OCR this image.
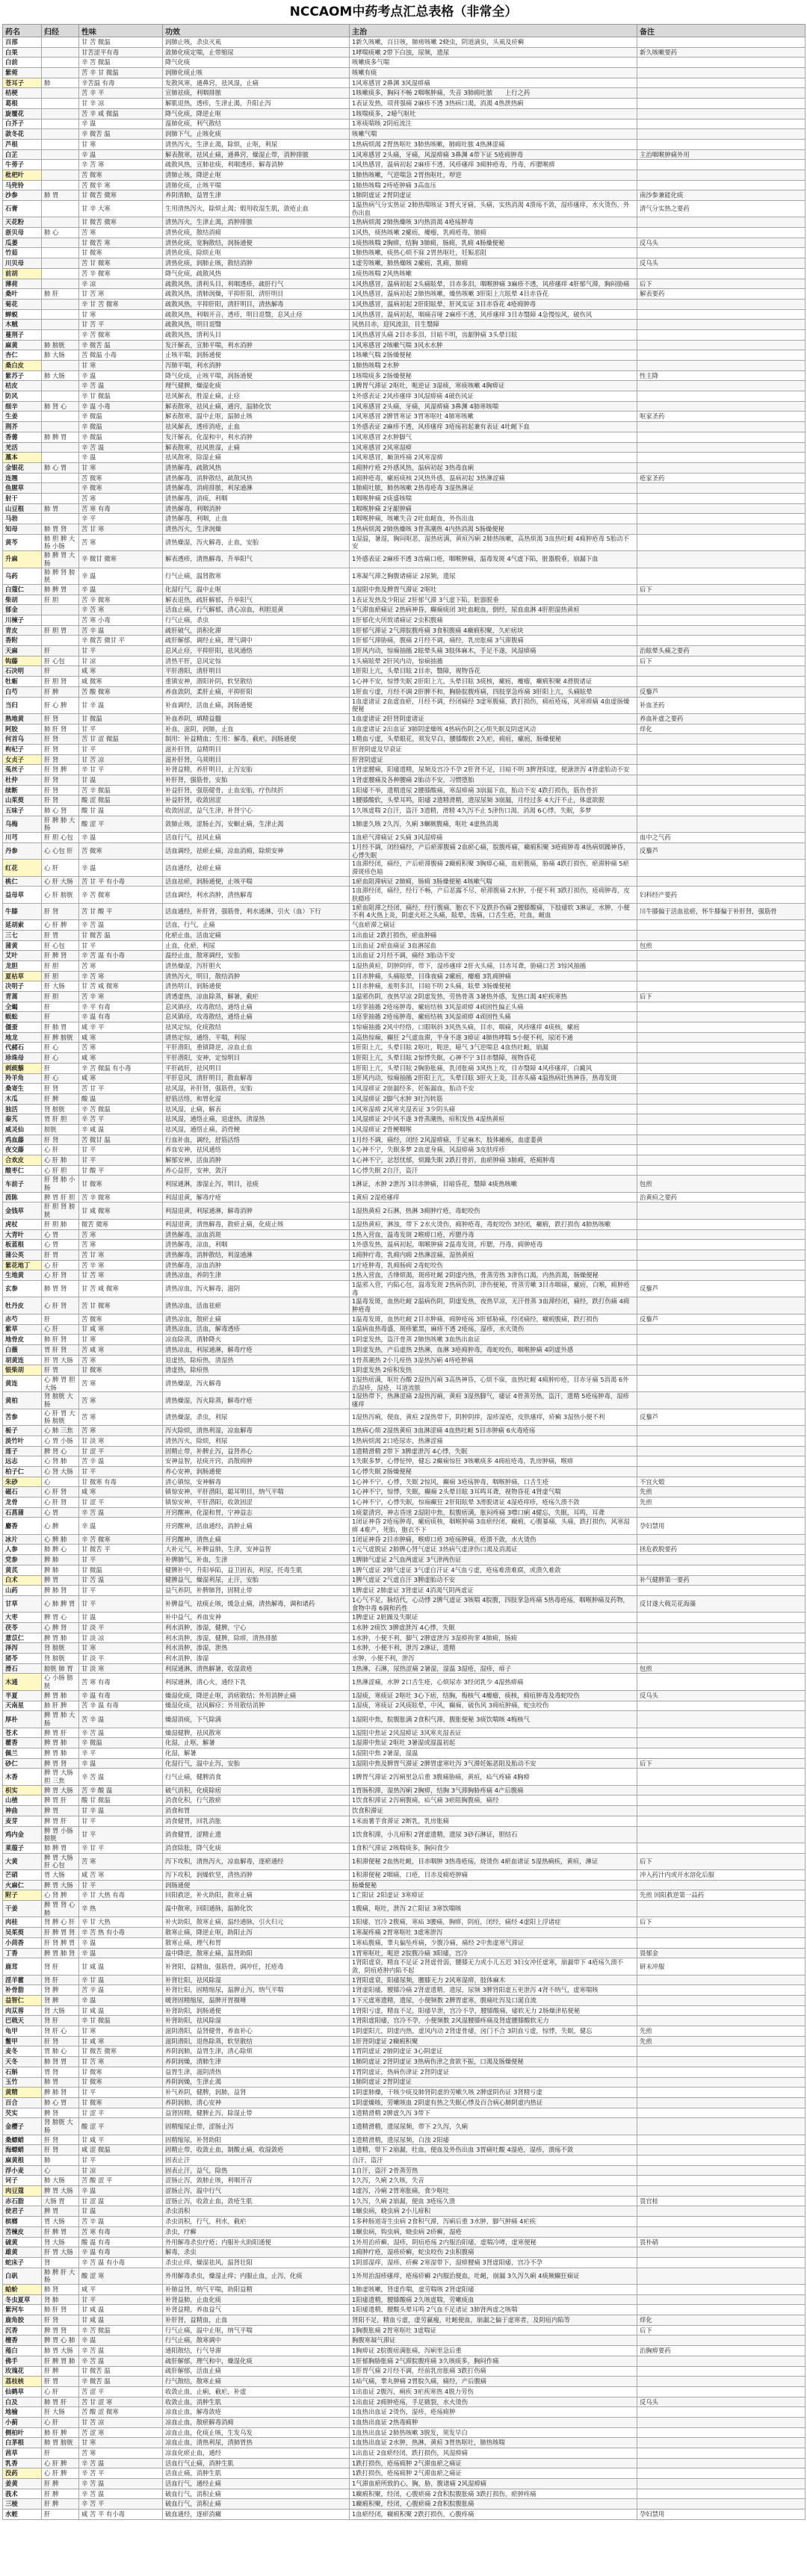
NCCAOM中药考点汇总表格（非常全）
药名	归经	性味	功效	主治	备注
百部		甘 苦 微温	润肺止咳，杀虫灭虱	1新久咳嗽，百日咳，肺痨咳嗽 2蛲虫，阴道滴虫，头虱及疥癣	
白果		甘苦涩平有毒	敛肺化痰定喘，止带缩尿	1哮喘痰嗽 2带下白浊，尿频，遗尿	新久咳嗽要药
白前		辛 苦 微温	降气化痰	咳嗽痰多气喘	
紫菀		苦 辛 甘 微温	润肺化痰止咳	咳嗽有痰	
苍耳子	肺	辛苦温 有毒	发散风寒，通鼻窍，祛风湿，止痛	1风寒感冒 2鼻渊 3风湿痹痛	
桔梗		苦 辛 平	宣肺祛痰，利咽排脓	1咳嗽痰多，胸闷不畅 2咽喉肿痛，失音 3肺痈吐脓　　上行之药	
葛根		甘 辛 凉	解肌退热，透疹，生津止渴，升阳止泻	1表证发热，项背强痛 2麻疹不透 3热病口渴，消渴 4热泄热痢	
旋覆花		苦 辛 咸 微温	降气化痰，降逆止呕	1咳喘痰多，2噫气呕吐	
白芥子		辛 温	温肺化痰，利气散结	1寒痰喘咳 2阴疽流注	
款冬花		辛 微苦 温	润肺下气，止咳化痰	咳嗽气喘	
芦根		甘 寒	清热泻火，生津止渴，除烦，止呕，利尿	1热病烦渴 2胃热呕吐 3肺热咳嗽，肺痈吐脓 4热淋涩痛	
白芷		辛 温	解表散寒，祛风止痛，通鼻窍，燥湿止带，消肿排脓	1风寒感冒 2头痛，牙痛，风湿痹痛 3鼻渊 4带下证 5疮痈肿毒	主治咽喉肿痛外用
牛蒡子		辛 苦 寒	疏散风热，宣肺祛痰，利咽透疹，解毒消肿	1风热感冒，温病初起 2麻疹不透，风疹瘙痒 3痈肿疮毒，丹毒，痄腮喉痹	
枇杷叶		苦 微寒	清肺止咳，降逆止呕	1肺热咳嗽，气逆喘急 2胃热呕吐，哕逆	
马兜铃		苦 微辛 寒	清肺化痰，止咳平喘	1肺热咳喘 2痔疮肿痛 3高血压	
沙参	肺 胃	甘 微苦 微寒	养阴清肺，益胃生津	1肺阴虚证 2胃阴虚证	南沙参兼能化痰
石膏		甘 辛 大寒	生用清热泻火，除烦止渴；煅用收湿生肌，敛疮止血	1温热病气分实热证 2肺热喘咳证 3胃火牙痛，头痛，实热消渴 4溃疡不敛，湿疹瘙痒，水火烫伤，外伤出血	清气分实热之要药
天花粉		甘 微苦 微寒	清热泻火，生津止渴，消肿排脓	1热病烦渴 2肺热燥咳 3内热消渴 4疮疡肿毒	
浙贝母	肺 心	苦 寒	清热化痰，散结消痈	1风热，痰热咳嗽 2瘰疬，瘿瘤，乳痈疮毒，肺痈	
瓜蒌		甘 微苦 寒	清热化痰，宽胸散结，润肠通便	1痰热咳喘 2胸痹，结胸 3肺痈，肠痈，乳痈 4肠燥便秘	反乌头
竹茹		甘 微寒	清热化痰，除烦止呕	1肺热咳嗽，痰热心烦不寐 2胃热呕吐，妊娠恶阻	
川贝母		苦 甘 微寒	清热化痰，润肺止咳，散结消肿	1虚劳咳嗽，肺热燥咳 2瘰疬，乳痈，肺痈	反乌头
前胡		苦 辛 微寒	降气化痰，疏散风热	1痰热咳喘 2风热咳嗽	
薄荷		辛 凉	疏散风热，清利头目，利咽透疹，疏肝行气	1风热感冒，温病初起 2头痛眩晕，目赤多泪，咽喉肿痛 3麻疹不透，风疹瘙痒 4肝郁气滞，胸闷胁痛	后下
桑叶	肺 肝	甘 苦 寒	疏散风热，清肺润燥，平抑肝阳，清肝明目	1风热感冒，温病初起 2肺热咳嗽，燥热咳嗽 3肝阳上亢眩晕 4目赤昏花	解表要药
菊花		辛 甘 苦 微寒	疏散风热，平抑肝阳，清肝明目，清热解毒	1风热感冒，温病初起 2肝阳眩晕，肝风实证 3目赤昏花 4疮痈肿毒	
蝉蜕		甘 寒	疏散风热，利咽开音，透疹，明目退翳，息风止痉	1风热感冒，温病初起，咽痛音哑 2麻疹不透，风疹瘙痒 3目赤翳障 4急慢惊风，破伤风	
木贼		甘 苦 平	疏散风热，明目退翳	风热目赤，迎风流泪，目生翳障	
蔓荆子		辛 苦 微寒	疏散风热，清利头目	1风热感冒头痛 2目赤多泪，目暗不明，齿龈肿痛 3头晕目眩	
麻黄	肺 膀胱	辛 微苦 温	发汗解表，宣肺平喘，利水消肿	1风寒感冒 2咳嗽气喘 3风水水肿	
杏仁	肺 大肠	苦 微温 小毒	止咳平喘，润肠通便	1咳嗽气喘 2肠燥便秘	
桑白皮		甘 寒	泻肺平喘，利水消肿	1肺热咳喘 2水肿	
紫苏子	肺 大肠	辛 温	降气化痰，止咳平喘，润肠通便	1咳喘痰多 2肠燥便秘	性主降
桔皮		辛 苦 温	理气健脾，燥湿化痰	1脾胃气滞证 2呕吐，呃逆证 3湿痰，寒痰咳嗽 4胸痹证	
防风		辛 甘 微温	祛风解表，胜湿止痛，止痉	1外感表证 2风疹瘙痒 3风湿痹痛 4破伤风证	
细辛	肺 肾 心	辛 温 小毒	解表散寒，祛风止痛，通窍，温肺化饮	1风寒感冒 2头痛，牙痛，风湿痹痛 3鼻渊 4肺寒咳喘	
生姜		辛 微温	解表散寒，温中止呕，温肺止咳	1风寒感冒 2脾胃寒证 3胃寒呕吐 4肺寒咳嗽	呕家圣药
荆芥		辛 微温	祛风解表，透疹消疮，止血	1外感表证 2麻疹不透，风疹瘙痒 3疮疡初起兼有表证 4吐衄下血	
香薷	肺 脾 胃	辛 微温	发汗解表，化湿和中，利水消肿	1风寒感冒 2水肿脚气	
羌活		辛 苦 温	解表散寒，祛风胜湿，止痛	1风寒感冒 2风寒湿痹	
藁本		辛 温	祛风散寒，除湿止痛	1风寒感冒，巅顶疼痛 2风寒湿痹	
金银花	肺 心 胃	甘 寒	清热解毒，疏散风热	1痈肿疔疮 2外感风热，温病初起 3热毒血痢	
连翘		苦 微寒	清热解毒，消肿散结，疏散风热	1痈肿疮毒，瘰疬痰核 2风热外感，温病初起 3热淋涩痛	疮家圣药
鱼腥草		辛 微寒	清热解毒，消痈排脓，利尿通淋	1肺痈吐脓，肺热咳嗽 2热毒疮毒 3湿热淋证	
射干		苦 寒	清热解毒，消痰，利咽	1咽喉肿痛 2痰盛咳喘	
山豆根	肺 胃	苦 寒 有毒	清热解毒，利咽消肿	1咽喉肿痛 2牙龈肿痛	
马勃		辛 平	清热解毒，利咽，止血	1咽喉肿痛，咳嗽失音 2吐血衄血，外伤出血	
知母	肺 胃 肾	苦 甘 寒	清热泻火，生津润燥	1热病烦渴 2肺热燥咳 3骨蒸潮热 4内热消渴 5肠燥便秘	
黄芩	肺 胆 脾 大肠 小肠	苦 寒	清热燥湿，泻火解毒，止血，安胎	1湿温，暑湿，胸闷呕恶，湿热痞满，黄疸泻痢 2肺热咳嗽，高热烦渴 3血热吐衄 4痈肿疮毒 5胎动不安	
升麻	肺 脾 胃 大肠	辛 微甘 微寒	解表透疹，清热解毒，升举阳气	1外感表证 2麻疹不透 3齿痛口疮，咽喉肿痛，温毒发斑 4气虚下陷，脏器脱垂，崩漏下血	
乌药	肺 脾 肾 膀胱	辛 温	行气止痛，温肾散寒	1寒凝气滞之胸腹诸痛证 2尿频，遗尿	
白蔻仁	肺 脾 胃	辛 温	化湿行气，温中止呕	1湿阻中焦及脾胃气滞证 2呕吐	后下
柴胡	肝 胆	苦 辛 微寒	解表退热，疏肝解郁，升举阳气	1表证发热及少阳证 2肝郁气滞 3气虚下陷，脏器脱垂	
郁金		辛 苦 寒	活血止痛，行气解郁，清心凉血，利胆退黄	1气滞血瘀痛证 2热病神昏，癫痫痰闭 3吐血衄血，倒经，尿血血淋 4肝胆湿热黄疸	
川楝子		苦 寒 小毒	行气止痛，杀虫	1肝郁化火所致诸痛证 2虫积腹痛	
青皮	肝 胆 胃	苦 辛 温	疏肝破气，消积化滞	1肝郁气滞证 2气滞脘腹疼痛 3食积腹痛 4癥瘕积聚，久疟痞块	
香附		辛 微苦 微甘 平	疏肝解郁，调经止痛，理气调中	1肝郁气滞胁痛，腹痛 2月经不调，痛经，乳房胀痛 3气滞腹痛	
天麻	肝	甘 平	息风止痉，平抑肝阳，祛风通络	1肝风内动，惊痫抽搐 2眩晕头痛 3肢体麻木，手足不遂，风湿痹痛	治眩晕头痛之要药
钩藤	肝 心包	甘 凉	清热平肝，息风定惊	1头痛眩晕 2肝风内动，惊痫抽搐	后下
石决明	肝	咸 寒	平肝潜阳，清肝明目	1肝阳上亢，头晕目眩 2目赤，翳障，视物昏花	
牡蛎	肝 胆 肾	咸 微寒	重镇安神，潜阳补阴，软坚散结	1心神不安，惊悸失眠 2肝阳上亢，头晕目眩 3痰核，瘰疬，瘿瘤，癥瘕积聚 4滑脱诸证	
白芍	肝 脾	苦 酸 微寒	养血敛阴，柔肝止痛，平抑肝阳	1肝血亏虚，月经不调 2肝脾不和，胸胁脘腹疼痛，四肢挛急疼痛 3肝阳上亢，头痛眩晕	反藜芦
当归	肝 心 脾	甘 辛 温	补血调经，活血止痛，润肠通便	1血虚诸证 2血虚血瘀，月经不调，经闭痛经 3虚寒腹痛，跌打损伤，痈疽疮疡，风寒痹痛 4血虚肠燥便秘	补血圣药
熟地黄	肝 肾	甘 微温	补血养阴，填精益髓	1血虚诸证 2肝肾阴虚诸证	养血补虚之要药
阿胶	肺 肝 肾	甘 平	补血，滋阴，润肺，止血	1血虚诸证 2出血证 3肺阴虚燥咳 4热病伤阴之心烦失眠及阴虚风动	烊化
何首乌	肝 肾	苦 甘 涩 微温	制用：补益精血；生用：解毒，截疟，润肠通便	1精血亏虚，头晕眼花，须发早白，腰膝酸软 2久疟，痈疽，瘰疬，肠燥便秘	
枸杞子	肝 肾	甘 平	滋补肝肾，益精明目	肝肾阴虚及早衰证	
女贞子	肝 肾	甘 苦 凉	滋补肝肾，乌须明目	肝肾阴虚证	
菟丝子	肝 肾 脾	辛 甘 平	补肾益精，养肝明目，止泻安胎	1肾虚腰痛，阳痿遗精，尿频及宫冷不孕 2肝肾不足，目暗不明 3脾肾阳虚，便溏泄泻 4肾虚胎动不安	
杜仲	肝 肾	甘 温	补肝肾，强筋骨，安胎	1肾虚腰痛及各种腰痛 2胎动不安，习惯堕胎	
续断	肝 肾	苦 辛 微温	补益肝肾，强筋健骨，止血安胎，疗伤续折	1阳痿不举，遗精遗尿 2腰膝酸痛，寒湿痹痛 3崩漏下血，胎动不安 4跌打损伤，筋伤骨折	
山茱萸	肝 肾	酸 涩 微温	补益肝肾，收敛固涩	1腰膝酸软，头晕耳鸣，阳痿 2遗精滑精，遗尿尿频 3崩漏，月经过多 4大汗不止，体虚欲脱	
五味子	肺 心 肾	酸 甘 温	收敛固涩，益气生津，补肾宁心	1久咳虚喘 2自汗，盗汗 3遗精，滑精 4久泻不止 5津伤口渴，消渴 6心悸，失眠，多梦	
乌梅	肝 脾 肺 大肠	酸 涩 平	敛肺止咳，涩肠止泻，安蛔止痛，生津止渴	1肺虚久咳 2久泻，久痢 3蛔厥腹痛，呕吐 4虚热消渴	
川芎	肝 胆 心包	辛 温	活血行气，祛风止痛	1血瘀气滞痛证 2头痛 3风湿痹痛	血中之气药
丹参	心 心包 肝	苦 微寒	活血调经，祛瘀止痛，凉血消痈，除烦安神	1月经不调，闭经痛经，产后瘀滞腹痛 2血瘀心痛，脘腹疼痛，癥瘕积聚 3疮痈肿毒 4热病烦躁神昏，心悸失眠	反藜芦
红花	心 肝	辛 温	活血通经，祛瘀止痛	1血滞经闭，痛经，产后瘀滞腹痛 2癥瘕积聚 3胸痹心痛，血瘀腹痛，胁痛 4跌打损伤，瘀滞肿痛 5瘀滞斑疹色暗	
桃仁	心 肝 大肠	苦 甘 平 有小毒	活血祛瘀，润肠通便，止咳平喘	1瘀血阻滞病证 2肺痈，肠痈 3肠燥便秘 4咳嗽气喘	
益母草	心 肝 膀胱	辛 苦 微寒	活血调经，利水消肿，清热解毒	1血滞经闭，痛经，经行不畅，产后恶露不尽，瘀滞腹痛 2水肿，小便不利 3跌打损伤，疮痈肿毒，皮肤瘾疹	妇科经产要药
牛膝	肝 肾	苦 甘 酸 平	活血通经，补肝肾，强筋骨，利水通淋，引火（血）下行	1瘀血阻滞之经闭，痛经，经行腹痛，胞衣不下及跌扑伤痛 2腰膝酸痛，下肢痿软 3淋证，水肿，小便不利 4火热上炎，阴虚火旺之头痛，眩晕，齿痛，口舌生疮，吐血，衄血	川牛膝偏于活血祛瘀，怀牛膝偏于补肝肾，强筋骨
延胡索	心 肝 脾	辛 苦 温	活血，行气，止痛	气血瘀滞之痛证	
三七	肝 胃	甘 微苦 温	化瘀止血，活血定痛	1出血证 2跌打损伤，瘀血肿痛	
蒲黄	肝 心包	甘 平	止血，化瘀，利尿	1出血证 2瘀血痛证 3血淋尿血	包煎
艾叶	肝 脾 肾	辛 苦 温 有小毒	温经止血，散寒调经，安胎	1出血证 2月经不调，痛经 3胎动不安	
龙胆	肝 胆	苦 寒	清热燥湿，泻肝胆火	1湿热黄疸，阴肿阴痒，带下，湿疹瘙痒 2肝火头痛，目赤耳聋，胁痛口苦 3惊风抽搐	
夏枯草	肝 胆	辛 苦 寒	清热泻火，明目，散结消肿	1目赤肿痛，头痛眩晕，目珠夜痛 2瘰疬，瘿瘤 3乳痈肿痛	
决明子	肝 大肠	甘 苦 咸 微寒	清热明目，润肠通便	1目赤肿痛，羞明多泪，目暗不明 2头痛，眩晕 3肠燥便秘	
青蒿	肝 胆	苦 辛 寒	清透虚热，凉血除蒸，解暑，截疟	1温邪伤阴，夜热早凉 2阴虚发热，劳热骨蒸 3暑热外感，发热口渴 4疟疾寒热	后下
全蝎	肝	辛 平 有毒	息风镇痉，攻毒散结，通络止痛	1痉挛抽搐 2疮疡肿毒，瘰疬结核 3风湿顽痹 4顽固性偏正头痛	
蜈蚣	肝	辛 温 有毒	息风镇痉，攻毒散结，通络止痛	1痉挛抽搐 2疮疡肿毒，瘰疬结核 3风湿顽痹 4顽固性头痛	
僵蚕	肝 肺 胃	咸 辛 平	祛风定惊，化痰散结	1惊痫抽搐 2风中经络，口眼㖞斜 3风热头痛，目赤，咽痛，风疹瘙痒 4痰核，瘰疬	
地龙	肝 脾 膀胱	咸 寒	清热定惊，通络，平喘，利尿	1高热惊痫，癫狂 2气虚血滞，半身不遂 3痹证 4肺热哮喘 5小便不利，尿闭不通	
代赭石	肝 心	苦 寒	平肝潜阳，重镇降逆，凉血止血	1肝阳上亢，头晕目眩 2呕吐，呃逆，噫气 3气逆喘息 4血热吐衄，崩漏	
珍珠母	肝 心	咸 寒	平肝潜阳，安神，定惊明目	1肝阳上亢，头晕目眩 2惊悸失眠，心神不宁 3目赤翳障，视物昏花	
刺蒺藜	肝	辛 苦 微温 有小毒	平肝疏肝，祛风明目	1肝阳上亢，头晕目眩 2胸胁胀痛，乳闭胀痛 3风热上攻，目赤翳障 4风疹瘙痒，白癜风	
羚羊角	肝 心	咸 寒	平肝息风，清肝明目，散血解毒	1肝风内动，惊痫抽搐 2肝阳上亢，头晕目眩 3肝火上炎，目赤头痛 4温热病壮热神昏，热毒发斑	
桑寄生	肝 肾	苦 甘 平	祛风湿，补肝肾，强筋骨，安胎	1风湿痹证 2崩漏经多，妊娠漏血，胎动不安	
木瓜	肝 脾	酸 温	舒筋活络，和胃化湿	1风湿痹证 2脚气水肿 3吐泻转筋	
独活	肾 膀胱	辛 苦 微温	祛风湿，止痛，解表	1风寒湿痹 2风寒夹湿表证 3少阴头痛	
秦艽	胃 肝 胆	辛 苦 平	祛风湿，通络止痛，退虚热，清湿热	1风湿痹证 2中风不遂 3骨蒸潮热，疳积发热 4湿热黄疸	
威灵仙	膀胱	辛 咸 温	祛风湿，通络止痛，消骨鲠	1风湿痹证 2骨鲠咽喉	
鸡血藤	肝 肾	苦 微甘 温	行血补血，调经，舒筋活络	1月经不调，痛经，闭经 2风湿痹痛，手足麻木，肢体瘫痪，血虚萎黄	
夜交藤	心 肝	甘 平	养血安神，祛风通络	1心神不宁，失眠多梦 2血虚身痛，风湿痹痛 3皮肤痒疹	
合欢皮	心 肝 肺	甘 平	解郁安神，活血消肿	1心神不宁，忿怒忧郁，烦躁失眠 2跌打骨折，血瘀肿痛 3肺痈，疮痈肿毒	
酸枣仁	心 肝 胆	甘 酸 平	养心益肝，安神，敛汗	1心悸失眠 2自汗，盗汗	
车前子	肝 肾 肺 小肠	甘 微寒	利尿通淋，渗湿止泻，明目，祛痰	1淋证，水肿 2泄泻 3目赤肿痛，目暗昏花，翳障 4痰热咳嗽	包煎
茵陈	脾 胃 肝 胆	苦 辛 微寒	利湿退黄，解毒疗疮	1黄疸 2湿疮瘙痒	治黄疸之要药
金钱草	肝 胆 肾 膀胱	甘 咸 微寒	利湿退黄，利尿通淋，解毒消肿	1湿热黄疸 2石淋，热淋 3痈肿疔疮，毒蛇咬伤	
虎杖	肝 胆 肺	微苦 微寒	利湿退黄，清热解毒，散瘀止痛，化痰止咳	1湿热黄疸，淋浊，带下 2水火烫伤，痈肿疮毒，毒蛇咬伤 3经闭，癥瘕，跌打损伤 4肺热咳嗽	
大青叶	心 胃	苦 寒	清热解毒，凉血消斑	1热入营血，温毒发斑 2喉痹口疮，痄腮丹毒	
板蓝根	心 胃	苦 寒	清热解毒，凉血，利咽	1外感发热，温病初起，咽喉肿痛 2温毒发斑，痄腮，丹毒，痈肿疮毒	
蒲公英	肝 胃	苦 甘 寒	清热解毒，消肿散结，利湿通淋	1痈肿疔毒，乳痈内痈 2热淋涩痛，湿热黄疸	
紫花地丁	心 肝	苦 辛 寒	清热解毒，凉血消肿	1疔疮肿毒，乳痈肠痈 2毒蛇咬伤	
生地黄	心 肝 肾	甘 苦 寒	清热凉血，养阴生津	1热入营血，舌绛烦渴，斑疹吐衄 2阴虚内热，骨蒸劳热 3津伤口渴，内热消渴，肠燥便秘	
玄参	肺 胃 肾	甘 苦 咸 微寒	清热凉血，泻火解毒，滋阴	1温邪入营，内陷心包，温毒发斑 2热病伤阴，津伤便秘，骨蒸劳嗽 3目赤咽痛，瘰疬，白喉，痈肿疮毒	反藜芦
牡丹皮	心 肝 肾	苦 甘 微寒	清热凉血，活血祛瘀	1温毒发斑，血热吐衄 2温病伤阴，阴虚发热，夜热早凉，无汗骨蒸 3血滞经闭，痛经，跌打伤痛 4痈肿疮毒	
赤芍	肝	苦 微寒	清热凉血，散瘀止痛	1温毒发斑，血热吐衄 2目赤肿痛，痈肿疮疡 3肝郁胁痛，经闭痛经，癥瘕腹痛，跌打损伤	反藜芦
紫草	心 肝	甘 咸 寒	清热凉血，活血，解毒透疹	1温病血热毒盛，斑疹紫黑，麻疹不透 2疮疡，湿疹，水火烫伤	
地骨皮	肺 肝 肾	甘 寒	凉血除蒸，清肺降火	1阴虚发热，盗汗骨蒸 2肺热咳嗽 3血热出血证	
白薇	胃 肝 肾	苦 咸 寒	清热凉血，利尿通淋，解毒疗疮	1阴虚发热，产后虚热 2热淋，血淋 3疮痈肿毒，毒蛇咬伤，咽喉肿痛 4阴虚外感	
胡黄连	肝 胃 大肠	苦 寒	退虚热，除疳热，清湿热	1骨蒸潮热 2小儿疳热 3湿热泻痢 4痔疮肿痛	
银柴胡	肝 胃	甘 微寒	清虚热，除疳热	1阴虚发热 2疳积发热	
黄连	心 脾 胃 胆 大肠	苦 寒	清热燥湿，泻火解毒	1湿热痞满，呕吐吞酸 2湿热泻痢 3高热神昏，心烦不寐，血热吐衄 4痈肿疖疮，目赤牙痛 5消渴 6外治湿疹，湿疮，耳道流脓	
黄柏	肾 膀胱 大肠	苦 寒	清热燥湿，泻火除蒸，解毒疗疮	1湿热带下，热淋涩痛 2湿热泻痢，黄疸 3湿热脚气，痿证 4骨蒸劳热，盗汗，遗精 5疮疡肿毒，湿疹瘙痒	
苦参	心 肝 胃 大肠 膀胱	苦 寒	清热燥湿，杀虫，利尿	1湿热泻痢，便血，黄疸 2湿热带下，阴肿阴痒，湿疹湿疮，皮肤瘙痒，疥癣 3湿热小便不利	反藜芦
栀子	心 肺 三焦	苦 寒	泻火除烦，清热利湿，凉血解毒	1热病心烦 2湿热黄疸 3血淋涩痛 4血热吐衄 5目赤肿痛 6火毒疮疡	
淡竹叶	心 胃 小肠	甘 淡 寒	清热泻火，除烦，利尿	1热病烦渴 2口疮尿赤，热淋涩痛	
莲子	脾 肾 心	甘 涩 平	固精止带，补脾止泻，益肾养心	1遗精滑精 2带下 3脾虚泄泻 4心悸，失眠	
远志	心 肾 肺	苦 辛 温	安神益智，祛痰开窍，消散痈肿	1失眠多梦，心悸怔忡，健忘 2癫痫惊狂 3咳嗽痰多 4痈疽疮毒，乳房肿痛，喉痹	
柏子仁	心 肾 大肠	甘 平	养心安神，润肠通便	1心悸失眠 2肠燥便秘	
朱砂	心	甘 微寒 有毒	清心镇惊，安神解毒	1心神不宁，心悸，失眠 2惊风，癫痫 3疮疡肿毒，咽喉肿痛，口舌生疮	不宜火煅
磁石	心 肝 肾	咸 寒	镇惊安神，平肝潜阳，聪耳明目，纳气平喘	1心神不宁，惊悸，失眠，癫痫 2头晕目眩 3耳鸣耳聋，视物昏花 4肾虚气喘	先煎
龙骨	心 肝 肾	甘 涩 平	镇惊安神，平肝潜阳，收敛固涩	1心神不宁，心悸失眠，惊痫癫狂 2肝阳眩晕 3滑脱诸证 4湿疮痒疹，疮疡久溃不敛	先煎
石菖蒲	心 胃	辛 苦 温	开窍醒神，化湿和胃，宁神益志	1痰蒙清窍，神志昏迷 2湿阻中焦，脘腹痞满，胀闷疼痛 3噤口痢 4健忘，失眠，耳鸣，耳聋	
麝香	心 脾	辛 温	开窍醒神，活血通经，消肿止痛	1闭证神昏 2疮疡肿毒，瘰疬痰核，咽喉肿痛 3血瘀经闭，癥瘕，心腹暴痛，头痛，跌打损伤，风寒湿痹 4难产，死胎，胞衣不下	孕妇禁用
冰片	心 脾 肺	辛 苦 微寒	开窍醒神，清热止痛	1闭证神昏 2目赤肿痛，喉痹口疮 3疮疡肿痛，疮溃不敛，水火烫伤	
人参	肺 脾 心	甘 微苦 平	大补元气，补脾益肺，生津，安神益智	1元气虚脱证 2肺脾心肾气虚证 3热病气虚津伤口渴及消渴证	拯危救脱要药
党参	脾 肺	甘 平	补脾肺气，补血，生津	1脾肺气虚证 2气血两虚证 3气津两伤证	
黄芪	脾 肺	甘 微温	健脾补中，升阳举陷，益卫固表，利尿，托毒生肌	1脾气虚证 2肺气虚证 3气虚自汗证 4气血亏虚，疮疡难溃难腐，或溃久难敛	
白术	脾 胃	甘 苦 温	健脾益气，燥湿利尿，止汗，安胎	1脾气虚证 2气虚自汗 3脾虚胎动不安	补气健脾第一要药
山药	脾 肺 肾	甘 平	益气养阴，补脾肺肾，固精止带	1脾虚证 2肺虚证 3肾虚证 4消渴气阴两虚证	
甘草	心 肺 脾 胃	甘 平	补脾益气，祛痰止咳，缓急止痛，清热解毒，调和诸药	1心气不足，脉结代，心动悸 2脾气虚证 3咳喘 4脘腹，四肢挛急疼痛 5热毒疮疡，咽喉肿痛及药物，食物中毒 6调和药性	反甘遂大戟芫花海藻
大枣	脾 胃 心	甘 温	补中益气，养血安神	1脾虚证 2脏躁及失眠证	
茯苓	心 脾 肾	甘 淡 平	利水消肿，渗湿，健脾，宁心	1水肿 2痰饮 3脾虚泄泻 4心悸，失眠	
薏苡仁	脾 胃 肺	甘 淡 凉	利水消肿，渗湿，健脾，除痹，清热排脓	1水肿，小便不利，脚气 2脾虚泄泻 3湿痹拘挛 4肺痈，肠痈	
泽泻	肾 膀胱	甘 寒	利水消肿，渗湿，泄热	1水肿，小便不利，泄泻 2淋证，遗精	
猪苓	肾 膀胱	甘 淡 平	利水消肿，渗湿	水肿，小便不利，泄泻	
滑石	膀胱 肺 胃	甘 淡 寒	利尿通淋，清热解暑，收湿敛疮	1热淋，石淋，尿热涩痛 2暑湿，湿温 3湿疮，湿疹，痱子	包煎
木通	心 小肠 膀胱	苦 寒 有毒	利尿通淋，清心火，通经下乳	1热淋涩痛，水肿 2口舌生疮，心烦尿赤 3经闭乳少 4湿热痹痛	
半夏	脾 胃 肺	辛 温 有毒	燥湿化痰，降逆止呕，消痞散结；外用消肿止痛	1湿痰，寒痰证 2呕吐 3心下痞，结胸，梅核气 4瘿瘤，痰核，痈疽肿毒及毒蛇咬伤	反乌头
天南星	肺 肝 脾	苦 辛 温 有毒	燥湿化痰，祛风解痉；外用散结消肿	1湿痰，寒痰证 2风痰眩晕，中风，癫痫，破伤风 3痈疽肿痛，蛇虫咬伤	
厚朴	脾 胃 肺 大肠	苦 辛 温	燥湿消痰，下气除满	1湿阻中焦，脘腹胀满 2食积气滞，腹胀便秘 3痰饮喘咳 4梅核气	
苍术	脾 胃 肝	辛 苦 温	燥湿健脾，祛风散寒	1湿阻中焦证 2风湿痹证 3风寒夹湿表证	
藿香	脾 胃 肺	辛 微温	化湿，止呕，解暑	1湿滞中焦证 2呕吐 3暑湿或湿温初起	
佩兰	脾 胃 肺	辛 平	化湿，解暑	1湿阻中焦 2暑湿，湿温	
砂仁	脾 胃 肾	辛 温	化湿行气，温中止泻，安胎	1湿阻中焦及脾胃气滞证 2脾胃虚寒吐泻 3气滞妊娠恶阻及胎动不安	后下
木香	脾 胃 大肠 胆 三焦	辛 苦 温	行气止痛，健脾消食	1脾胃气滞证 2泻痢里急后重 3腹痛胁痛，黄疸，疝气疼痛 4胸痹	
枳实	脾 胃 大肠	苦 辛 酸 温	破气消积，化痰除痞	1胃肠积滞，湿热泻痢 2胸痹，结胸 3气滞胸胁疼痛 4产后腹痛	
山楂	脾 胃 肝	酸 甘 微温	消食化积，行气散瘀	1饮食积滞证 2泻痢腹痛，疝气痛 3瘀阻胸腹痛，痛经	
神曲	脾 胃	甘 辛 温	消食和胃	饮食积滞证	
麦芽	脾 胃 肝	甘 平	消食健胃，回乳消胀	1米面薯芋食滞证 2断乳，乳房胀痛	
鸡内金	脾 胃 小肠 膀胱	甘 平	消食健胃，涩精止遗	1饮食积滞，小儿疳积 2肾虚遗精，遗尿 3砂石淋证，胆结石	
莱菔子	肺 脾 胃	辛 甘 平	消食除胀，降气化痰	1食积气滞证 2咳喘痰多，胸闷食少	
大黄	脾 胃 大肠 肝 心包	苦 寒	泻下攻积，清热泻火，凉血解毒，逐瘀通经	1积滞便秘 2血热吐衄，目赤咽肿 3热毒疮疡，烧烫伤 4瘀血诸证 5湿热痢疾，黄疸，淋证	后下
芒硝	胃 大肠	咸 苦 寒	泻下攻积，润燥软坚，清热消肿	1积滞便秘 2咽痛，口疮，目赤及痈疮肿痛	冲入药汁内或开水溶化后服
火麻仁	脾 胃 大肠	甘 平	润肠通便	肠燥便秘	
附子	心 肾 脾	辛 甘 大热 有毒	回阳救逆，补火助阳，散寒止痛	1亡阳证 2阳虚证 3寒痹证	先煎 回阳救逆第一品药
干姜	脾 胃 肾 心 肺	辛 热	温中散寒，回阳通脉，温肺化饮	1腹痛，呕吐，泄泻 2亡阳证 3寒饮喘咳	
肉桂	肾 脾 心 肝	辛 甘 大热	补火助阳，散寒止痛，温经通脉，引火归元	1阳痿，宫冷 2腹痛，寒疝 3腰痛，胸痹，阴疽，闭经，痛经 4虚阳上浮诸症	后下
吴茱萸	肝 脾 胃 肾	辛 苦 热 有小毒	散寒止痛，降逆止呕，助阳止泻	1寒凝疼痛 2胃寒呕吐 3虚寒泄泻	
小茴香	肝 肾 脾 胃	辛 温	散寒止痛，理气和胃	1寒疝腹痛，睾丸偏坠疼痛，少腹冷痛，痛经 2中焦虚寒气滞证	
丁香	脾 胃 肺 肾	辛 温	温中降逆，散寒止痛，温肾助阳	1胃寒呕吐，呃逆 2脘腹冷痛 3阳痿，宫冷	畏郁金
鹿茸	肾 肝	甘 咸 温	补肾阳，益精血，强筋骨，调冲任，托疮毒	1肾阳虚衰，精血不足证 2肾虚骨弱，腰膝无力或小儿五迟 3妇女冲任虚寒，崩漏带下 4疮疡久溃不敛，阴疽疮肿内陷不起	研末冲服
淫羊藿	肾 肝	辛 甘 温	补肾壮阳，祛风除湿	1肾阳虚衰，阳痿尿频，腰膝无力 2风寒湿痹，肢体麻木	
补骨脂	肾 脾	苦 辛 温	补肾壮阳，固精缩尿，温脾止泻，纳气平喘	1肾虚阳痿，腰膝冷痛 2肾虚遗精，遗尿，尿频 3脾肾阳虚五更泄泻 4肾不纳气，虚寒喘咳	
益智仁	肾 脾	辛 温	暖肾固精缩尿，温脾开胃摄唾	1下元虚寒遗精，遗尿，小便频数 2脾胃虚寒，腹痛吐泻及口涎自流	
肉苁蓉	肾 大肠	甘 咸 温	补肾助阳，润肠通便	1肾阳亏虚，精血不足，阳痿早泄，宫冷不孕，腰膝酸痛，痿软无力 2肠燥津枯便秘	
巴戟天	肾 肝	辛 甘 微温	补肾助阳，祛风除湿	1肾阳虚阳痿，宫冷不孕，小便频数 2风湿腰膝疼痛及肾虚腰膝酸软无力	
龟甲	肾 肝 心	甘 寒	滋阴潜阳，益肾健骨，养血补心	1阴虚阳亢，阴虚内热，虚风内动 2肾虚骨痿，囟门不合 3阴血亏虚，惊悸，失眠，健忘	先煎
鳖甲	肝 肾	甘 咸 寒	滋阴潜阳，退热除蒸，软坚散结	1肝肾阴虚证 2癥瘕积聚	先煎
麦冬	胃 肺 心	甘 微苦 微寒	养阴润肺，益胃生津，清心除烦	1胃阴虚证 2肺阴虚证 3心阴虚证	
天冬	肺 肾 胃	甘 苦 寒	养阴润燥，清肺生津	1肺阴虚证 2肾阴虚证 3热病伤津之食欲不振，口渴及肠燥便秘	
石斛	胃 肾	甘 微寒	益胃生津，滋阴清热	1胃阴虚证，热病伤津证 2肾阴虚证	
玉竹	肺 胃	甘 微寒	养阴润燥，生津止渴	1肺阴虚证 2胃阴虚证	
黄精	脾 肺 肾	甘 平	补气养阴，健脾，润肺，益肾	1阴虚肺燥，干咳少痰及肺肾阴虚的劳嗽久咳 2脾虚阴伤证 3肾精亏虚	
百合	肺 心 胃	甘 微寒	养阴润肺，清心安神	1阴虚燥咳，劳嗽咳血 2阴虚有热之失眠心悸及百合病心肺阴虚内热证	
芡实	脾 肾	甘 涩 平	益肾固精，健脾止泻，除湿止带	1遗精滑精 2脾虚久泻 3带下	
金樱子	肾 膀胱 大肠	酸 涩 平	固精缩尿止带，涩肠止泻	1遗精滑精，遗尿尿频，带下 2久泻，久痢	
桑螵蛸	肝 肾	甘 咸 平	固精缩尿，补肾助阳	1遗精滑精，遗尿尿频，白浊 2阳痿	
海螵蛸	肝 肾	咸 涩 微温	固精止带，收敛止血，制酸止痛，收湿敛疮	1遗精，带下 2崩漏，吐血，便血及外伤出血 3胃痛吐酸 4湿疮，湿疹，溃疡不敛	
麻黄根	肺	甘 平	固表止汗	自汗，盗汗	
浮小麦	心	甘 凉	固表止汗，益气，除热	1自汗，盗汗 2骨蒸劳热	
诃子	肺 大肠	苦 酸 涩 平	涩肠止泻，敛肺止咳，利咽开音	1久泻，久痢 2久咳，失音	
肉豆蔻	脾 胃 大肠	辛 温	涩肠止泻，温中行气	1虚泻，冷痢 2胃寒胀痛，食少呕吐	
赤石脂	大肠 胃	甘 涩 温	涩肠止泻，收敛止血，敛疮生肌	1久泻，久痢 2崩漏，便血 3疮疡久溃	畏官桂
使君子	脾 胃	甘 温	杀虫消积	1蛔虫病，蛲虫病 2小儿疳积	
槟榔	胃 大肠	苦 辛 温	杀虫消积，行气，利水，截疟	1多种肠道寄生虫病 2食积气滞，泻痢后重 3水肿，脚气肿痛 4疟疾	
苦楝皮	肝 脾 胃	苦 寒 有毒	杀虫，疗癣	1蛔虫病，钩虫病，蛲虫病 2疥癣，湿疮	
硫黄	肾 大肠	酸 温 有毒	外用解毒杀虫疗疮；内服补火助阳通便	1外用治疥癣，湿疹，阴疽疮疡 2内服治阳痿，虚喘冷哮，虚寒便秘	畏朴硝
雄黄	肝 胃 大肠	辛 温 有毒	解毒，杀虫	1痈肿疔疮，湿疹疥癣，蛇虫咬伤 2虫积腹痛	
蛇床子	肾	辛 苦 温 有小毒	杀虫止痒，燥湿祛风，温肾壮阳	1阴部湿痒，湿疹，疥癣 2寒湿带下，湿痹腰痛 3肾虚阳痿，宫冷不孕	
白矾	肺 脾 肝 大肠	酸 涩 寒	外用解毒杀虫，燥湿止痒；内服止血，止泻，化痰	1外用治湿疹瘙痒，疮疡疥癣 2内服治便血，吐衄，崩漏 3久泻久痢 4痰厥癫狂痫证	
蛤蚧	肺 肾	咸 平	补肺益肾，纳气平喘，助阳益精	1肺虚咳嗽，肾虚作喘，虚劳喘咳 2肾虚阳痿	
冬虫夏草	肾 肺	甘 平	补肾益肺，止血化痰	1阳痿遗精，腰膝酸痛 2久咳虚喘，劳嗽痰血	
紫河车	肺 肝 肾	甘 咸 温	补肾益精，养血益气	1阳痿遗精，腰酸头晕耳鸣 2气血不足诸证 3肺肾两虚之咳喘	
鹿角胶	肝 肾	甘 咸 温	补肝肾，益精血，止血	肾阳不足，精血亏虚，虚劳羸瘦，吐衄便血，崩漏之偏于虚寒者，及阴疽内陷等	烊化
沉香	脾 胃 肾	辛 苦 微温	行气止痛，温中止呕，纳气平喘	1胸腹胀痛 2胃寒呕吐 3虚喘证	后下
檀香	脾 胃 心 肺	辛 温	行气止痛，散寒调中	胸腹寒凝气滞证	
薤白	肺 胃 大肠	辛 苦 温	通阳散结，行气导滞	1胸痹证 2脘腹痞满胀痛，泻痢里急后重	治胸痹要药
佛手	肝 脾 胃 肺	辛 苦 温	疏肝解郁，理气和中，燥湿化痰	1肝郁胸胁胀痛 2气滞脘腹疼痛 3久咳痰多，胸闷作痛	
玫瑰花	肝 脾	甘 微苦 温	疏肝解郁，活血止痛	1肝胃气痛 2月经不调，经前乳房胀痛 3跌打伤痛	
荔枝核	肝 胃	辛 微苦 温	行气散结，散寒止痛	1疝气痛，睾丸肿痛 2胃脘久痛，痛经，产后腹痛	
仙鹤草	心 肝	苦 涩 平	收敛止血，止痢，截疟，补虚	1出血证 2腹泻，痢疾 3疟疾寒热 4脱力劳伤	
白及	肺 胃 肝	苦 甘 涩 寒	收敛止血，消肿生肌	1出血证 2痈肿疮疡，手足皲裂，水火烫伤	反乌头
地榆	肝 大肠	苦 酸 涩 微寒	凉血止血，解毒敛疮	1血热出血证 2烫伤，湿疹，疮疡痈肿	
小蓟	心 肝	甘 苦 凉	凉血止血，散瘀解毒消痈	1血热出血证 2热毒痈肿	
侧柏叶	肺 肝 脾	苦 涩 寒	凉血止血，化痰止咳，生发乌发	1血热出血证 2肺热咳嗽 3脱发，须发早白	
白茅根	肺 胃 膀胱	甘 寒	凉血止血，清热利尿，清肺胃热	1血热出血证 2水肿，热淋，黄疸 3胃热呕吐，肺热咳喘	
茜草	肝	苦 寒	凉血化瘀止血，通经	1出血证 2血瘀经闭，跌打损伤，风湿痹痛	
乳香	心 肝 脾	辛 苦 温	活血行气止痛，消肿生肌	1跌打损伤，疮疡痈肿 2气滞血瘀之痛证	
没药	心 肝 脾	辛 苦 平	活血止痛，消肿生肌	1跌打损伤，疮疡痈肿 2气滞血瘀之痛证	
姜黄	肝 脾	辛 苦 温	活血行气，通经止痛	1气滞血瘀所致的心，胸，胁，腹诸痛 2风湿痹痛	
莪术	肝 脾	辛 苦 温	破血行气，消积止痛	1癥瘕积聚，经闭，心腹瘀痛 2食积脘腹胀痛 3跌打损伤，瘀肿疼痛	
三棱	肝 脾	辛 苦 平	破血行气，消积止痛	1癥瘕积聚，经闭，心腹瘀痛 2食积脘腹胀痛	
水蛭	肝	咸 苦 平 有小毒	破血通经，逐瘀消癥	1血瘀经闭，癥瘕积聚 2跌打损伤，心腹疼痛	孕妇禁用
